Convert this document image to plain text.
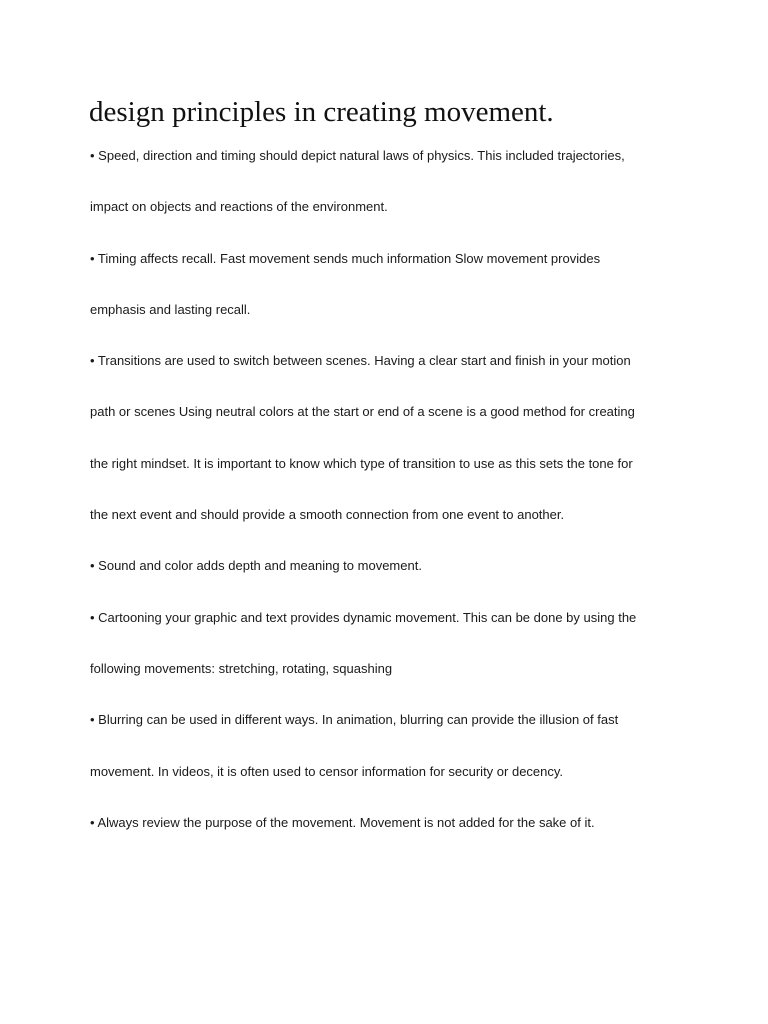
design principles in creating movement.
• Speed, direction and timing should depict natural laws of physics. This included trajectories,
impact on objects and reactions of the environment.
• Timing affects recall. Fast movement sends much information Slow movement provides
emphasis and lasting recall.
• Transitions are used to switch between scenes. Having a clear start and finish in your motion
path or scenes Using neutral colors at the start or end of a scene is a good method for creating
the right mindset. It is important to know which type of transition to use as this sets the tone for
the next event and should provide a smooth connection from one event to another.
• Sound and color adds depth and meaning to movement.
• Cartooning your graphic and text provides dynamic movement. This can be done by using the
following movements: stretching, rotating, squashing
• Blurring can be used in different ways. In animation, blurring can provide the illusion of fast
movement. In videos, it is often used to censor information for security or decency.
• Always review the purpose of the movement. Movement is not added for the sake of it.
